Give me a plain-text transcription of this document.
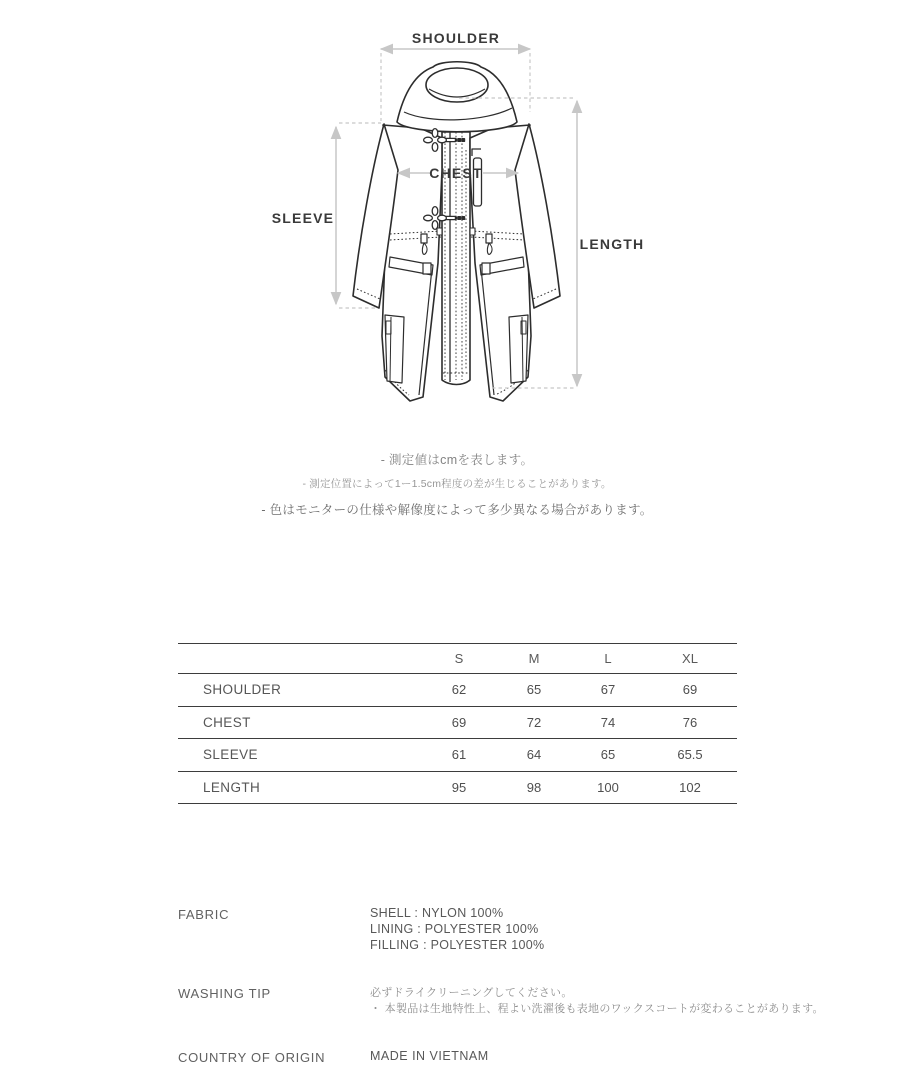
SHOULDER
CHEST
SLEEVE
LENGTH
- 測定値はcmを表します。
- 測定位置によって1ー1.5cm程度の差が生じることがあります。
- 色はモニターの仕様や解像度によって多少異なる場合があります。
	S	M	L	XL
SHOULDER	62	65	67	69
CHEST	69	72	74	76
SLEEVE	61	64	65	65.5
LENGTH	95	98	100	102
FABRIC	SHELL : NYLON 100%
LINING : POLYESTER 100%
FILLING : POLYESTER 100%
WASHING TIP	必ずドライクリーニングしてください。
・ 本製品は生地特性上、程よい洗濯後も表地のワックスコートが変わることがあります。
COUNTRY OF ORIGIN	MADE IN VIETNAM
